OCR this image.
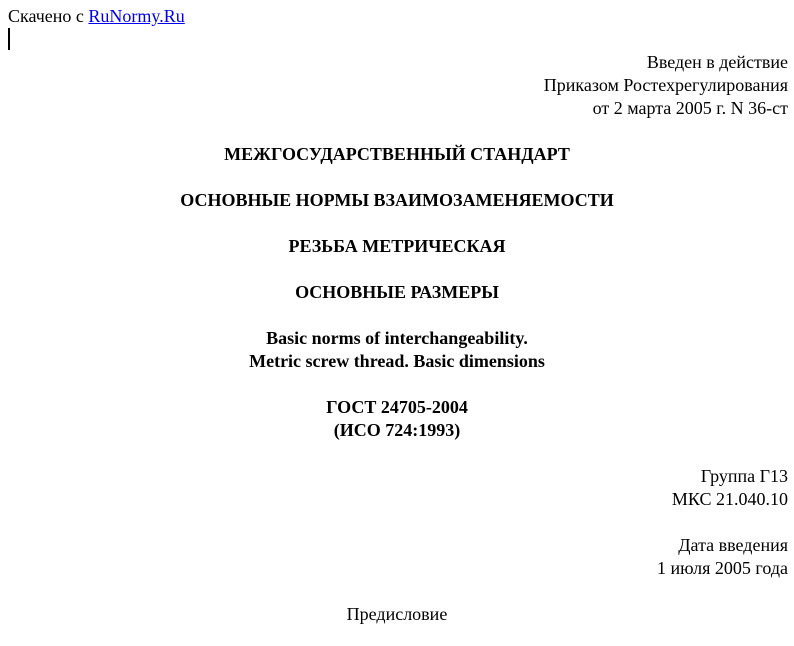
Скачено с RuNormy.Ru
Введен в действие
Приказом Ростехрегулирования
от 2 марта 2005 г. N 36-ст
МЕЖГОСУДАРСТВЕННЫЙ СТАНДАРТ
ОСНОВНЫЕ НОРМЫ ВЗАИМОЗАМЕНЯЕМОСТИ
РЕЗЬБА МЕТРИЧЕСКАЯ
ОСНОВНЫЕ РАЗМЕРЫ
Basic norms of interchangeability.
Metric screw thread. Basic dimensions
ГОСТ 24705-2004
(ИСО 724:1993)
Группа Г13
МКС 21.040.10
Дата введения
1 июля 2005 года
Предисловие
